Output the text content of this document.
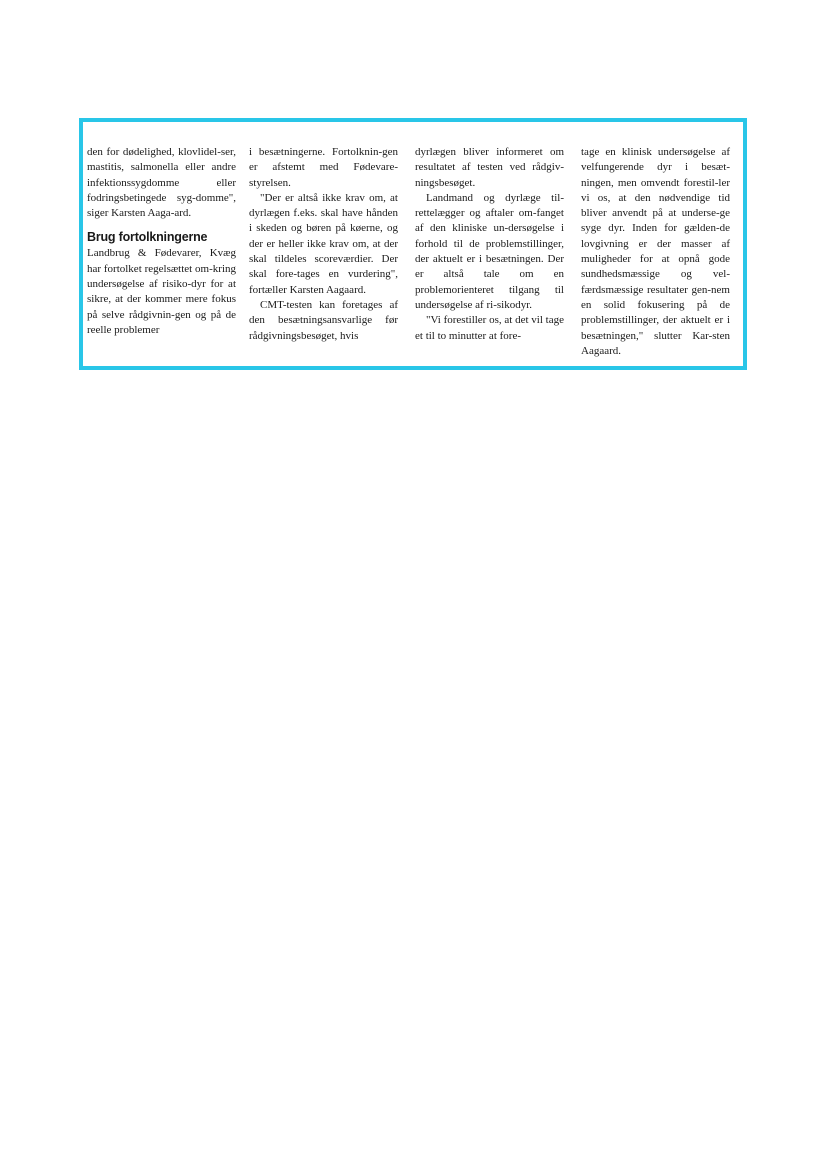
den for dødelighed, klovlidel-ser, mastitis, salmonella eller andre infektionssygdomme eller fodringsbetingede syg-domme", siger Karsten Aaga-ard.

Brug fortolkningerne

Landbrug & Fødevarer, Kvæg har fortolket regelsættet om-kring undersøgelse af risiko-dyr for at sikre, at der kommer mere fokus på selve rådgivnin-gen og på de reelle problemer

i besætningerne. Fortolknin-gen er afstemt med Fødevare-styrelsen.

"Der er altså ikke krav om, at dyrlægen f.eks. skal have hånden i skeden og børen på køerne, og der er heller ikke krav om, at der skal tildeles scoreværdier. Der skal fore-tages en vurdering", fortæller Karsten Aagaard.

CMT-testen kan foretages af den besætningsansvarlige før rådgivningsbesøget, hvis

dyrlægen bliver informeret om resultatet af testen ved rådgiv-ningsbesøget.

Landmand og dyrlæge til-rettelægger og aftaler om-fanget af den kliniske un-dersøgelse i forhold til de problemstillinger, der aktuelt er i besætningen. Der er altså tale om en problemorienteret tilgang til undersøgelse af ri-sikodyr.

"Vi forestiller os, at det vil tage et til to minutter at fore-

tage en klinisk undersøgelse af velfungerende dyr i besæt-ningen, men omvendt forestil-ler vi os, at den nødvendige tid bliver anvendt på at underse-ge syge dyr. Inden for gælden-de lovgivning er der masser af muligheder for at opnå gode sundhedsmæssige og vel-færdsmæssige resultater gen-nem en solid fokusering på de problemstillinger, der aktuelt er i besætningen," slutter Kar-sten Aagaard.
